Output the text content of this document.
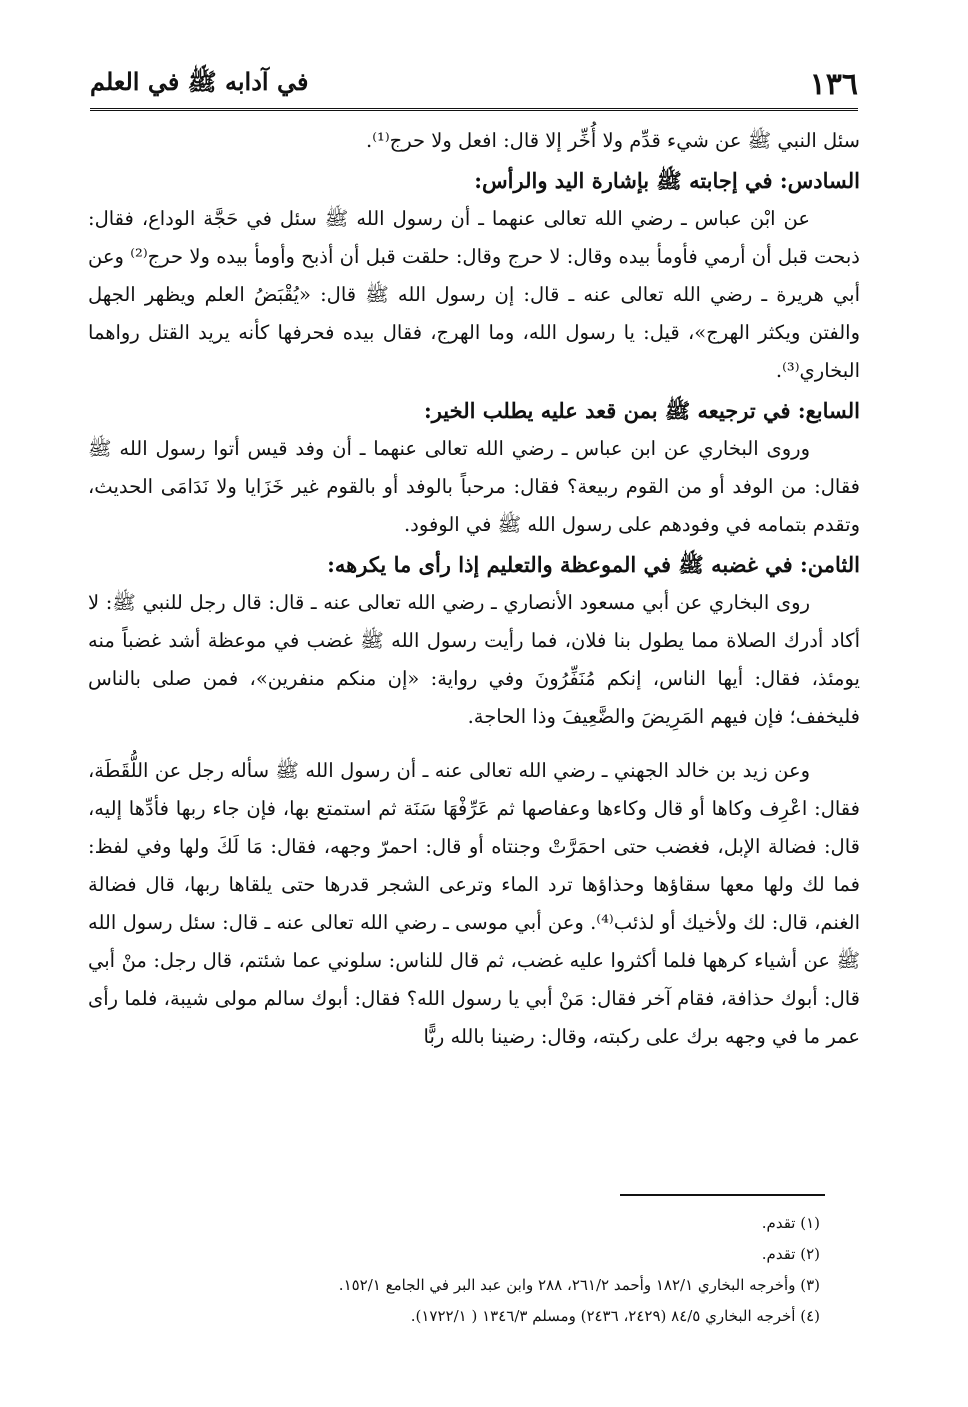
١٣٦
في آدابه ﷺ في العلم

سئل النبي ﷺ عن شيء قدِّم ولا أُخِّر إلا قال: افعل ولا حرج⁽¹⁾.

السادس: في إجابته ﷺ بإشارة اليد والرأس:

عن ابْن عباس ـ رضي الله تعالى عنهما ـ أن رسول الله ﷺ سئل في حَجَّة الوداع، فقال: ذبحت قبل أن أرمي فأومأ بيده وقال: لا حرج وقال: حلقت قبل أن أذبح وأومأ بيده ولا حرج⁽²⁾ وعن أبي هريرة ـ رضي الله تعالى عنه ـ قال: إن رسول الله ﷺ قال: «يُقْبَضُ العلم ويظهر الجهل والفتن ويكثر الهرج»، قيل: يا رسول الله، وما الهرج، فقال بيده فحرفها كأنه يريد القتل رواهما البخاري⁽³⁾.

السابع: في ترجيعه ﷺ بمن قعد عليه يطلب الخير:

وروى البخاري عن ابن عباس ـ رضي الله تعالى عنهما ـ أن وفد قيس أتوا رسول الله ﷺ فقال: من الوفد أو من القوم ربيعة؟ فقال: مرحباً بالوفد أو بالقوم غير خَزَايا ولا نَدَامَى الحديث، وتقدم بتمامه في وفودهم على رسول الله ﷺ في الوفود.

الثامن: في غضبه ﷺ في الموعظة والتعليم إذا رأى ما يكرهه:

روى البخاري عن أبي مسعود الأنصاري ـ رضي الله تعالى عنه ـ قال: قال رجل للنبي ﷺ: لا أكاد أدرك الصلاة مما يطول بنا فلان، فما رأيت رسول الله ﷺ غضب في موعظة أشد غضباً منه يومئذ، فقال: أيها الناس، إنكم مُنَفِّرُونَ وفي رواية: «إن منكم منفرين»، فمن صلى بالناس فليخفف؛ فإن فيهم المَرِيضَ والضَّعِيفَ وذا الحاجة.

وعن زيد بن خالد الجهني ـ رضي الله تعالى عنه ـ أن رسول الله ﷺ سأله رجل عن اللُّقَطَة، فقال: اعْرِف وكاها أو قال وكاءها وعفاصها ثم عَرِّفْهَا سَنَة ثم استمتع بها، فإن جاء ربها فأدِّها إليه، قال: فضالة الإبل، فغضب حتى احمَرَّتْ وجنتاه أو قال: احمرّ وجهه، فقال: مَا لَكَ ولها وفي لفظ: فما لك ولها معها سقاؤها وحذاؤها ترد الماء وترعى الشجر قدرها حتى يلقاها ربها، قال فضالة الغنم، قال: لك ولأخيك أو لذئب⁽⁴⁾. وعن أبي موسى ـ رضي الله تعالى عنه ـ قال: سئل رسول الله ﷺ عن أشياء كرهها فلما أكثروا عليه غضب، ثم قال للناس: سلوني عما شئتم، قال رجل: منْ أبي قال: أبوك حذافة، فقام آخر فقال: مَنْ أبي يا رسول الله؟ فقال: أبوك سالم مولى شيبة، فلما رأى عمر ما في وجهه برك على ركبته، وقال: رضينا بالله ربًّا

(١) تقدم.

(٢) تقدم.

(٣) وأخرجه البخاري ١٨٢/١ وأحمد ٢٦١/٢، ٢٨٨ وابن عبد البر في الجامع ١٥٢/١.

(٤) أخرجه البخاري ٨٤/٥ (٢٤٢٩، ٢٤٣٦) ومسلم ١٣٤٦/٣ ( ١٧٢٢/١).
